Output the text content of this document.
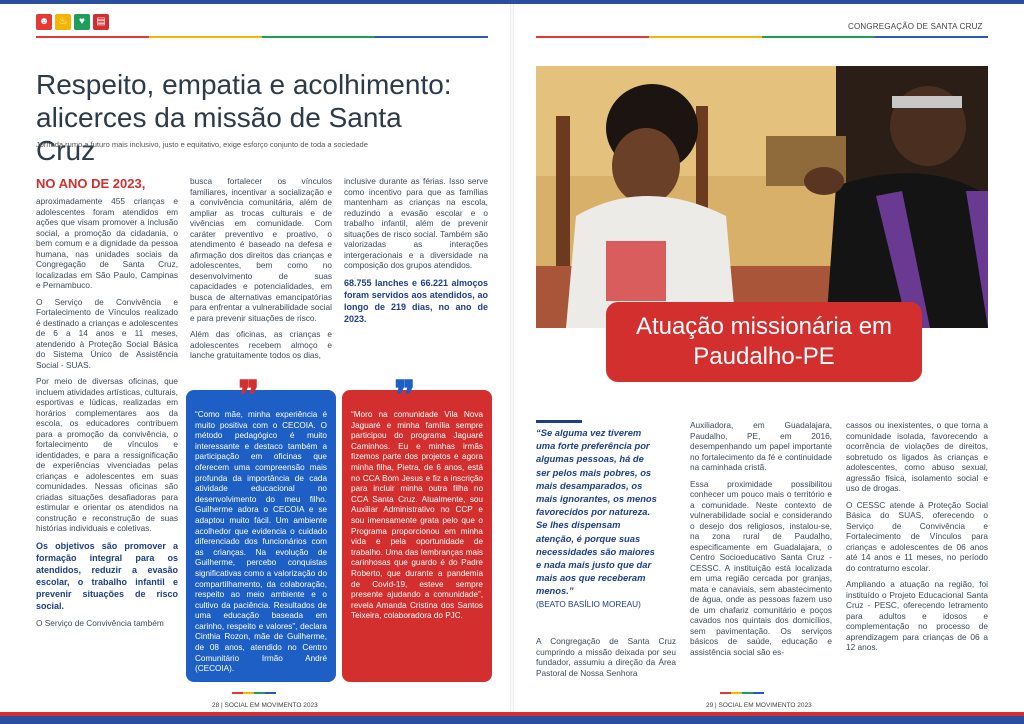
☻ ♨	♥	▤	CONGREGAÇÃO DE SANTA CRUZ
Respeito, empatia e acolhimento: alicerces da missão de Santa Cruz
Jornada rumo a futuro mais inclusivo, justo e equitativo, exige esforço conjunto de toda a sociedade
NO ANO DE 2023,

aproximadamente 455 crianças e adolescentes foram atendidos em ações que visam promover a inclusão social, a promoção da cidadania, o bem comum e a dignidade da pessoa humana, nas unidades sociais da Congregação de Santa Cruz, localizadas em São Paulo, Campinas e Pernambuco.

O Serviço de Convivência e Fortalecimento de Vínculos realizado é destinado a crianças e adolescentes de 6 a 14 anos e 11 meses, atendendo à Proteção Social Básica do Sistema Único de Assistência Social - SUAS.

Por meio de diversas oficinas, que incluem atividades artísticas, culturais, esportivas e lúdicas, realizadas em horários complementares aos da escola, os educadores contribuem para a promoção da convivência, o fortalecimento de vínculos e identidades, e para a ressignificação de experiências vivenciadas pelas crianças e adolescentes em suas comunidades. Nessas oficinas são criadas situações desafiadoras para estimular e orientar os atendidos na construção e reconstrução de suas histórias individuais e coletivas.

Os objetivos são promover a formação integral para os atendidos, reduzir a evasão escolar, o trabalho infantil e prevenir situações de risco social.

O Serviço de Convivência também

busca fortalecer os vínculos familiares, incentivar a socialização e a convivência comunitária, além de ampliar as trocas culturais e de vivências em comunidade. Com caráter preventivo e proativo, o atendimento é baseado na defesa e afirmação dos direitos das crianças e adolescentes, bem como no desenvolvimento de suas capacidades e potencialidades, em busca de alternativas emancipatórias para enfrentar a vulnerabilidade social e para prevenir situações de risco.

Além das oficinas, as crianças e adolescentes recebem almoço e lanche gratuitamente todos os dias,

inclusive durante as férias. Isso serve como incentivo para que as famílias mantenham as crianças na escola, reduzindo a evasão escolar e o trabalho infantil, além de prevenir situações de risco social. Também são valorizadas as interações intergeracionais e a diversidade na composição dos grupos atendidos.

68.755 lanches e 66.221 almoços foram servidos aos atendidos, ao longo de 219 dias, no ano de 2023.

❞
“Como mãe, minha experiência é muito positiva com o CECOIA. O método pedagógico é muito interessante e destaco também a participação em oficinas que oferecem uma compreensão mais profunda da importância de cada atividade educacional no desenvolvimento do meu filho. Guilherme adora o CECOIA e se adaptou muito fácil. Um ambiente acolhedor que evidencia o cuidado diferenciado dos funcionários com as crianças. Na evolução de Guilherme, percebo conquistas significativas como a valorização do compartilhamento, da colaboração, respeito ao meio ambiente e o cultivo da paciência. Resultados de uma educação baseada em carinho, respeito e valores”, declara Cinthia Rozon, mãe de Guilherme, de 08 anos, atendido no Centro Comunitário Irmão André (CECOIA).
❞
“Moro na comunidade Vila Nova Jaguaré e minha família sempre participou do programa Jaguaré Caminhos. Eu e minhas irmãs fizemos parte dos projetos e agora minha filha, Pietra, de 6 anos, está no CCA Bom Jesus e fiz a inscrição para incluir minha outra filha no CCA Santa Cruz. Atualmente, sou Auxiliar Administrativo no CCP e sou imensamente grata pelo que o Programa proporcionou em minha vida e pela oportunidade de trabalho. Uma das lembranças mais carinhosas que guardo é do Padre Roberto, que durante a pandemia de Covid-19, esteve sempre presente ajudando a comunidade”, revela Amanda Cristina dos Santos Teixeira, colaboradora do PJC.
Atuação missionária em Paudalho-PE
“Se alguma vez tiverem uma forte preferência por algumas pessoas, há de ser pelos mais pobres, os mais desamparados, os mais ignorantes, os menos favorecidos por natureza. Se lhes dispensam atenção, é porque suas necessidades são maiores e nada mais justo que dar mais aos que receberam menos.”
(BEATO BASÍLIO MOREAU)

A Congregação de Santa Cruz cumprindo a missão deixada por seu fundador, assumiu a direção da Área Pastoral de Nossa Senhora

Auxiliadora, em Guadalajara, Paudalho, PE, em 2016, desempenhando um papel importante no fortalecimento da fé e continuidade na caminhada cristã.

Essa proximidade possibilitou conhecer um pouco mais o território e a comunidade. Neste contexto de vulnerabilidade social e considerando o desejo dos religiosos, instalou-se, na zona rural de Paudalho, especificamente em Guadalajara, o Centro Socioeducativo Santa Cruz - CESSC. A instituição está localizada em uma região cercada por granjas, mata e canaviais, sem abastecimento de água, onde as pessoas fazem uso de um chafariz comunitário e poços cavados nos quintais dos domicílios, sem pavimentação. Os serviços básicos de saúde, educação e assistência social são es-

cassos ou inexistentes, o que torna a comunidade isolada, favorecendo a ocorrência de violações de direitos, sobretudo os ligados às crianças e adolescentes, como abuso sexual, agressão física, isolamento social e uso de drogas.

O CESSC atende à Proteção Social Básica do SUAS, oferecendo o Serviço de Convivência e Fortalecimento de Vínculos para crianças e adolescentes de 06 anos até 14 anos e 11 meses, no período do contraturno escolar.

Ampliando a atuação na região, foi instituído o Projeto Educacional Santa Cruz - PESC, oferecendo letramento para adultos e idosos e complementação no processo de aprendizagem para crianças de 06 a 12 anos.

28 | SOCIAL EM MOVIMENTO 2023	29 | SOCIAL EM MOVIMENTO 2023
